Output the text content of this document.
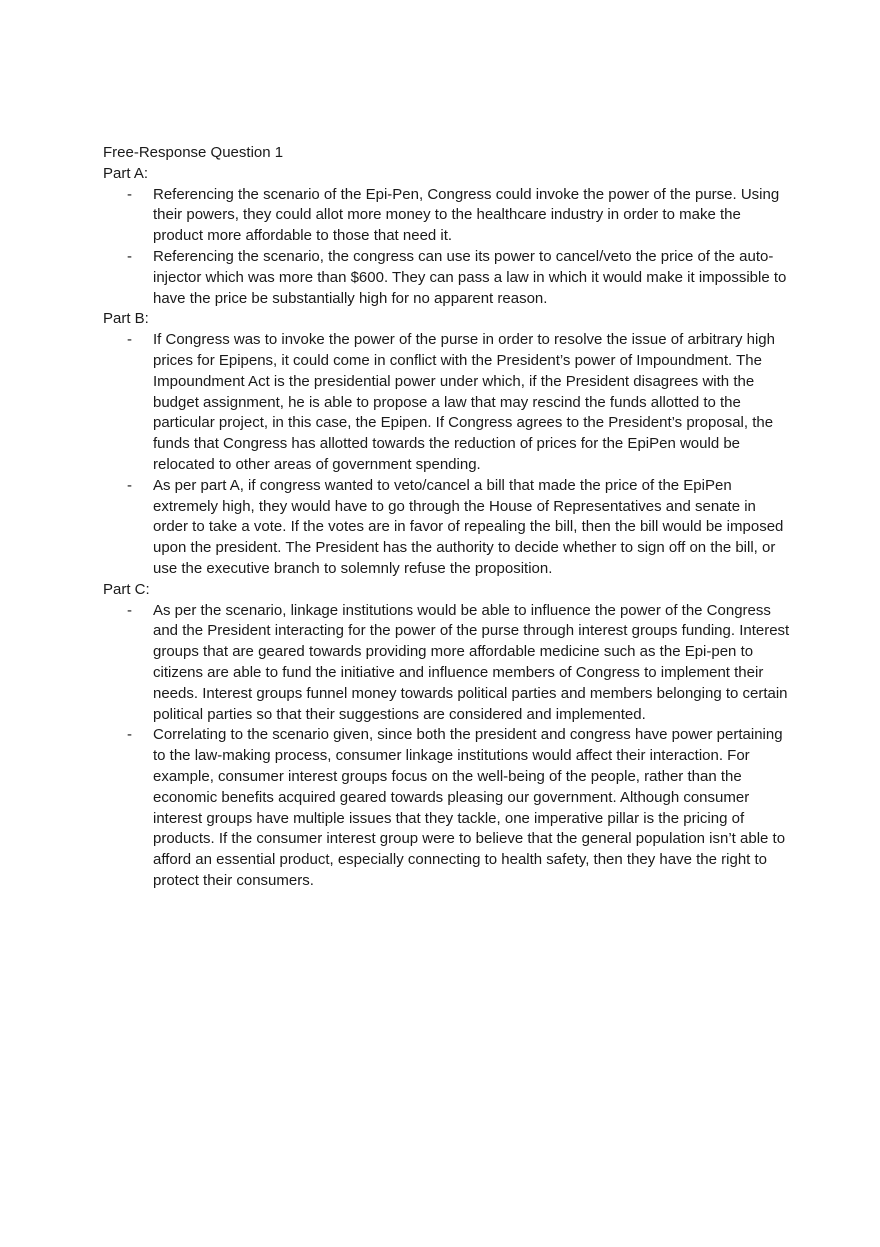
Free-Response Question 1
Part A:
- Referencing the scenario of the Epi-Pen, Congress could invoke the power of the purse. Using their powers, they could allot more money to the healthcare industry in order to make the product more affordable to those that need it.
- Referencing the scenario, the congress can use its power to cancel/veto the price of the auto-injector which was more than $600. They can pass a law in which it would make it impossible to have the price be substantially high for no apparent reason.
Part B:
- If Congress was to invoke the power of the purse in order to resolve the issue of arbitrary high prices for Epipens, it could come in conflict with the President’s power of Impoundment. The Impoundment Act is the presidential power under which, if the President disagrees with the budget assignment, he is able to propose a law that may rescind the funds allotted to the particular project, in this case, the Epipen. If Congress agrees to the President’s proposal, the funds that Congress has allotted towards the reduction of prices for the EpiPen would be relocated to other areas of government spending.
- As per part A, if congress wanted to veto/cancel a bill that made the price of the EpiPen extremely high, they would have to go through the House of Representatives and senate in order to take a vote. If the votes are in favor of repealing the bill, then the bill would be imposed upon the president. The President has the authority to decide whether to sign off on the bill, or use the executive branch to solemnly refuse the proposition.
Part C:
- As per the scenario, linkage institutions would be able to influence the power of the Congress and the President interacting for the power of the purse through interest groups funding. Interest groups that are geared towards providing more affordable medicine such as the Epi-pen to citizens are able to fund the initiative and influence members of Congress to implement their needs. Interest groups funnel money towards political parties and members belonging to certain political parties so that their suggestions are considered and implemented.
- Correlating to the scenario given, since both the president and congress have power pertaining to the law-making process, consumer linkage institutions would affect their interaction. For example, consumer interest groups focus on the well-being of the people, rather than the economic benefits acquired geared towards pleasing our government. Although consumer interest groups have multiple issues that they tackle, one imperative pillar is the pricing of products. If the consumer interest group were to believe that the general population isn’t able to afford an essential product, especially connecting to health safety, then they have the right to protect their consumers.
